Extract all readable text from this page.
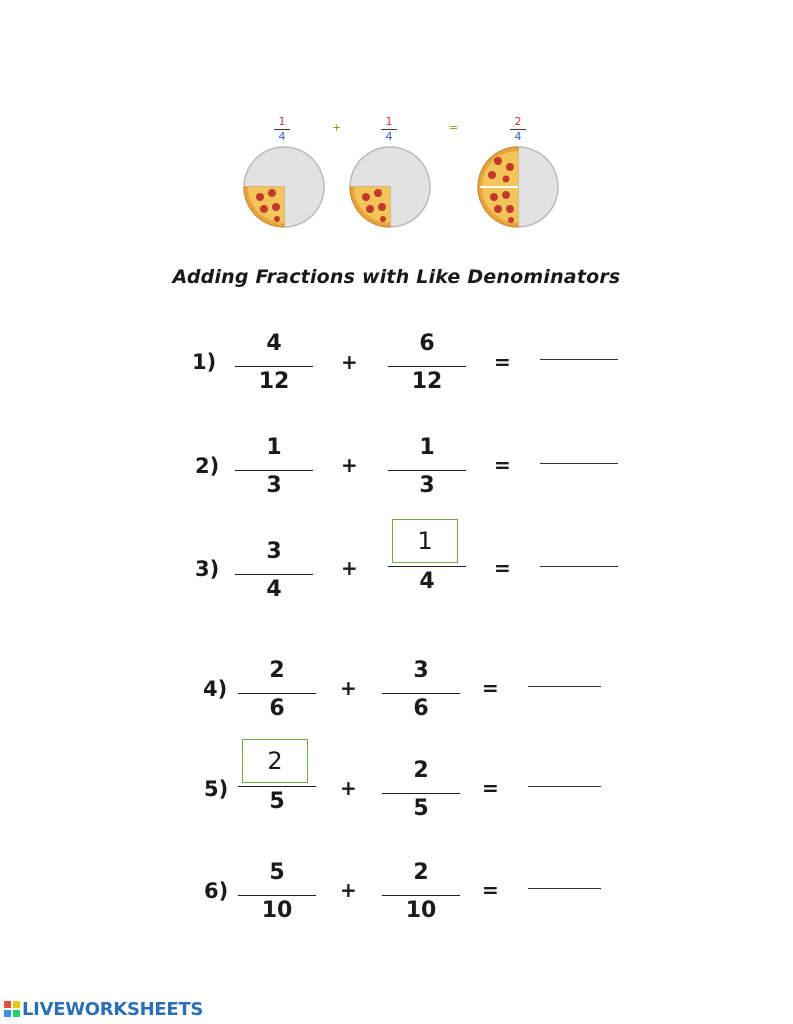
1
4
+	1
4
=	2
4
Adding Fractions with Like Denominators
1)
4
12
+
6
12
=
2)
1
3
+
1
3
=
3)
3
4
+
$\frac{1}{4}$
=
4)
2
6
+
3
6
=
5)
$\frac{2}{5}$
+
2
5
=
6)
5
10
+
2
10
=
LIVEWORKSHEETS
